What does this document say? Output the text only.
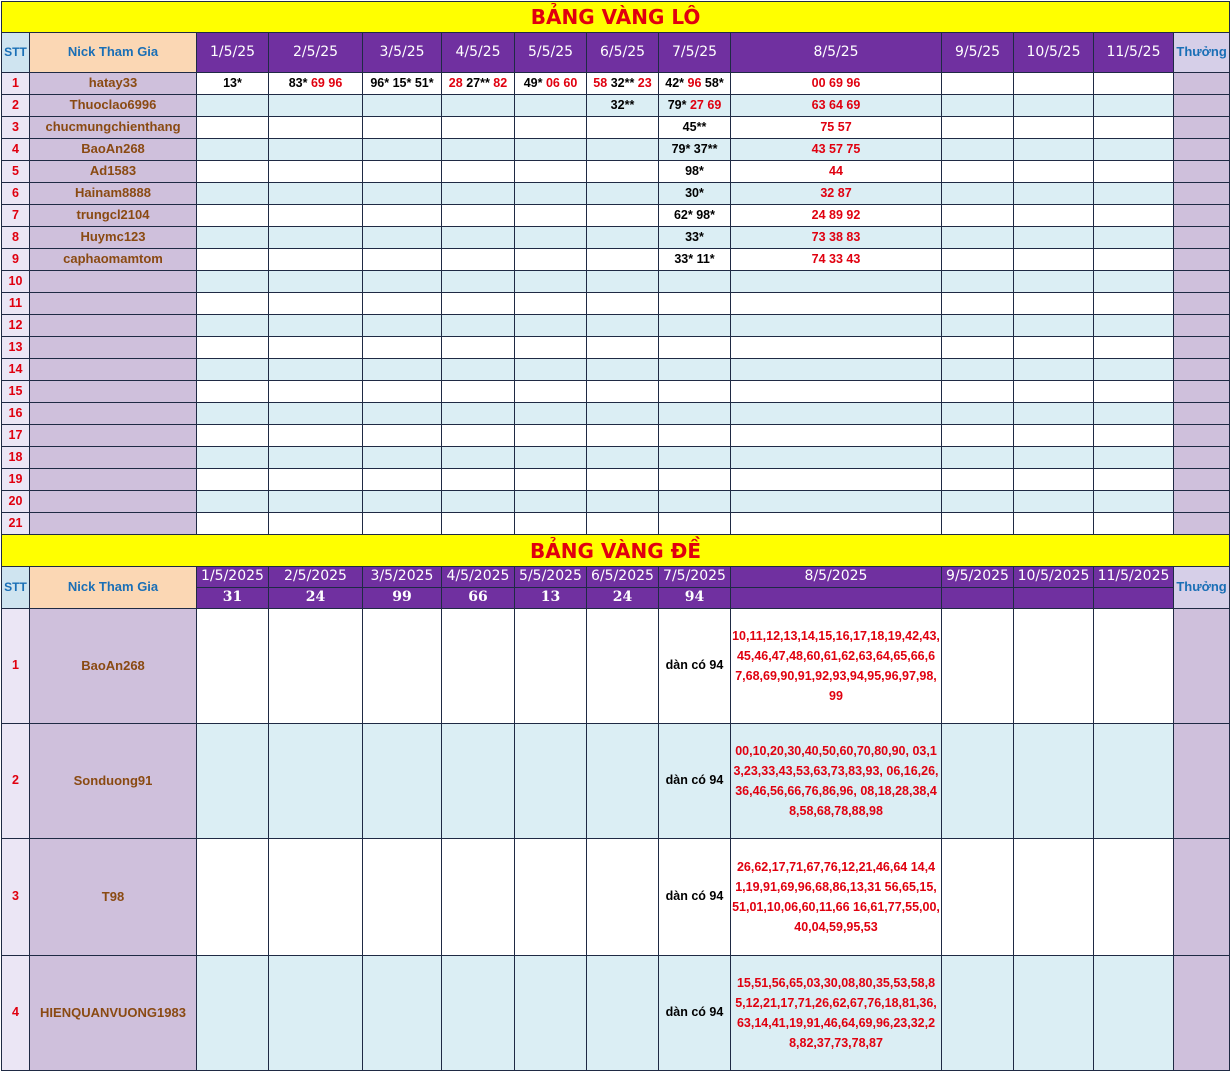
BẢNG VÀNG LÔ													
STT	Nick Tham Gia	1/5/25	2/5/25	3/5/25	4/5/25	5/5/25	6/5/25	7/5/25	8/5/25	9/5/25	10/5/25	11/5/25	Thưởng
1	hatay33	13*	83* 69 96	96* 15* 51*	28 27** 82	49* 06 60	58 32** 23	42* 96 58*	00 69 96				
2	Thuoclao6996						32**	79* 27 69	63 64 69				
3	chucmungchienthang							45**	75 57				
4	BaoAn268							79* 37**	43 57 75				
5	Ad1583							98*	44				
6	Hainam8888							30*	32 87				
7	trungcl2104							62* 98*	24 89 92				
8	Huymc123							33*	73 38 83				
9	caphaomamtom							33* 11*	74 33 43				
10													
11													
12													
13													
14													
15													
16													
17													
18													
19													
20													
21													
BẢNG VÀNG ĐỀ													
STT	Nick Tham Gia	1/5/2025	2/5/2025	3/5/2025	4/5/2025	5/5/2025	6/5/2025	7/5/2025	8/5/2025	9/5/2025	10/5/2025	11/5/2025	Thưởng
		31	24	99	66	13	24	94					
1	BaoAn268							dàn có 94	10,11,12,13,14,15,16,17,18,19,42,43,45,46,47,48,60,61,62,63,64,65,66,67,68,69,90,91,92,93,94,95,96,97,98,99				
2	Sonduong91							dàn có 94	00,10,20,30,40,50,60,70,80,90, 03,13,23,33,43,53,63,73,83,93, 06,16,26,36,46,56,66,76,86,96, 08,18,28,38,48,58,68,78,88,98				
3	T98							dàn có 94	26,62,17,71,67,76,12,21,46,64 14,41,19,91,69,96,68,86,13,31 56,65,15,51,01,10,06,60,11,66 16,61,77,55,00,40,04,59,95,53				
4	HIENQUANVUONG1983							dàn có 94	15,51,56,65,03,30,08,80,35,53,58,85,12,21,17,71,26,62,67,76,18,81,36,63,14,41,19,91,46,64,69,96,23,32,28,82,37,73,78,87				
